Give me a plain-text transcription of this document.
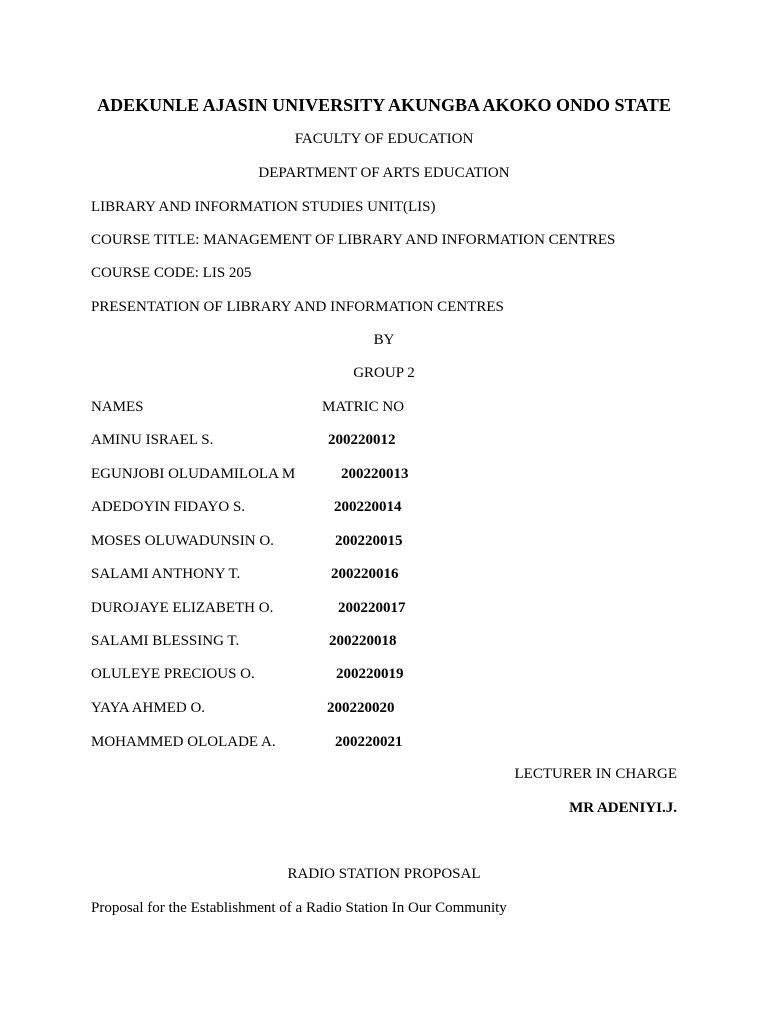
ADEKUNLE AJASIN UNIVERSITY AKUNGBA AKOKO ONDO STATE
FACULTY OF EDUCATION
DEPARTMENT OF ARTS EDUCATION
LIBRARY AND INFORMATION STUDIES UNIT(LIS)
COURSE TITLE: MANAGEMENT OF LIBRARY AND INFORMATION CENTRES
COURSE CODE: LIS 205
PRESENTATION OF LIBRARY AND INFORMATION CENTRES
BY
GROUP 2
NAMES	MATRIC NO
AMINU ISRAEL S.	200220012
EGUNJOBI OLUDAMILOLA M	200220013
ADEDOYIN FIDAYO S.	200220014
MOSES OLUWADUNSIN O.	200220015
SALAMI ANTHONY T.	200220016
DUROJAYE ELIZABETH O.	200220017
SALAMI BLESSING T.	200220018
OLULEYE PRECIOUS O.	200220019
YAYA AHMED O.	200220020
MOHAMMED OLOLADE A.	200220021
LECTURER IN CHARGE
MR ADENIYI.J.
RADIO STATION PROPOSAL
Proposal for the Establishment of a Radio Station In Our Community
